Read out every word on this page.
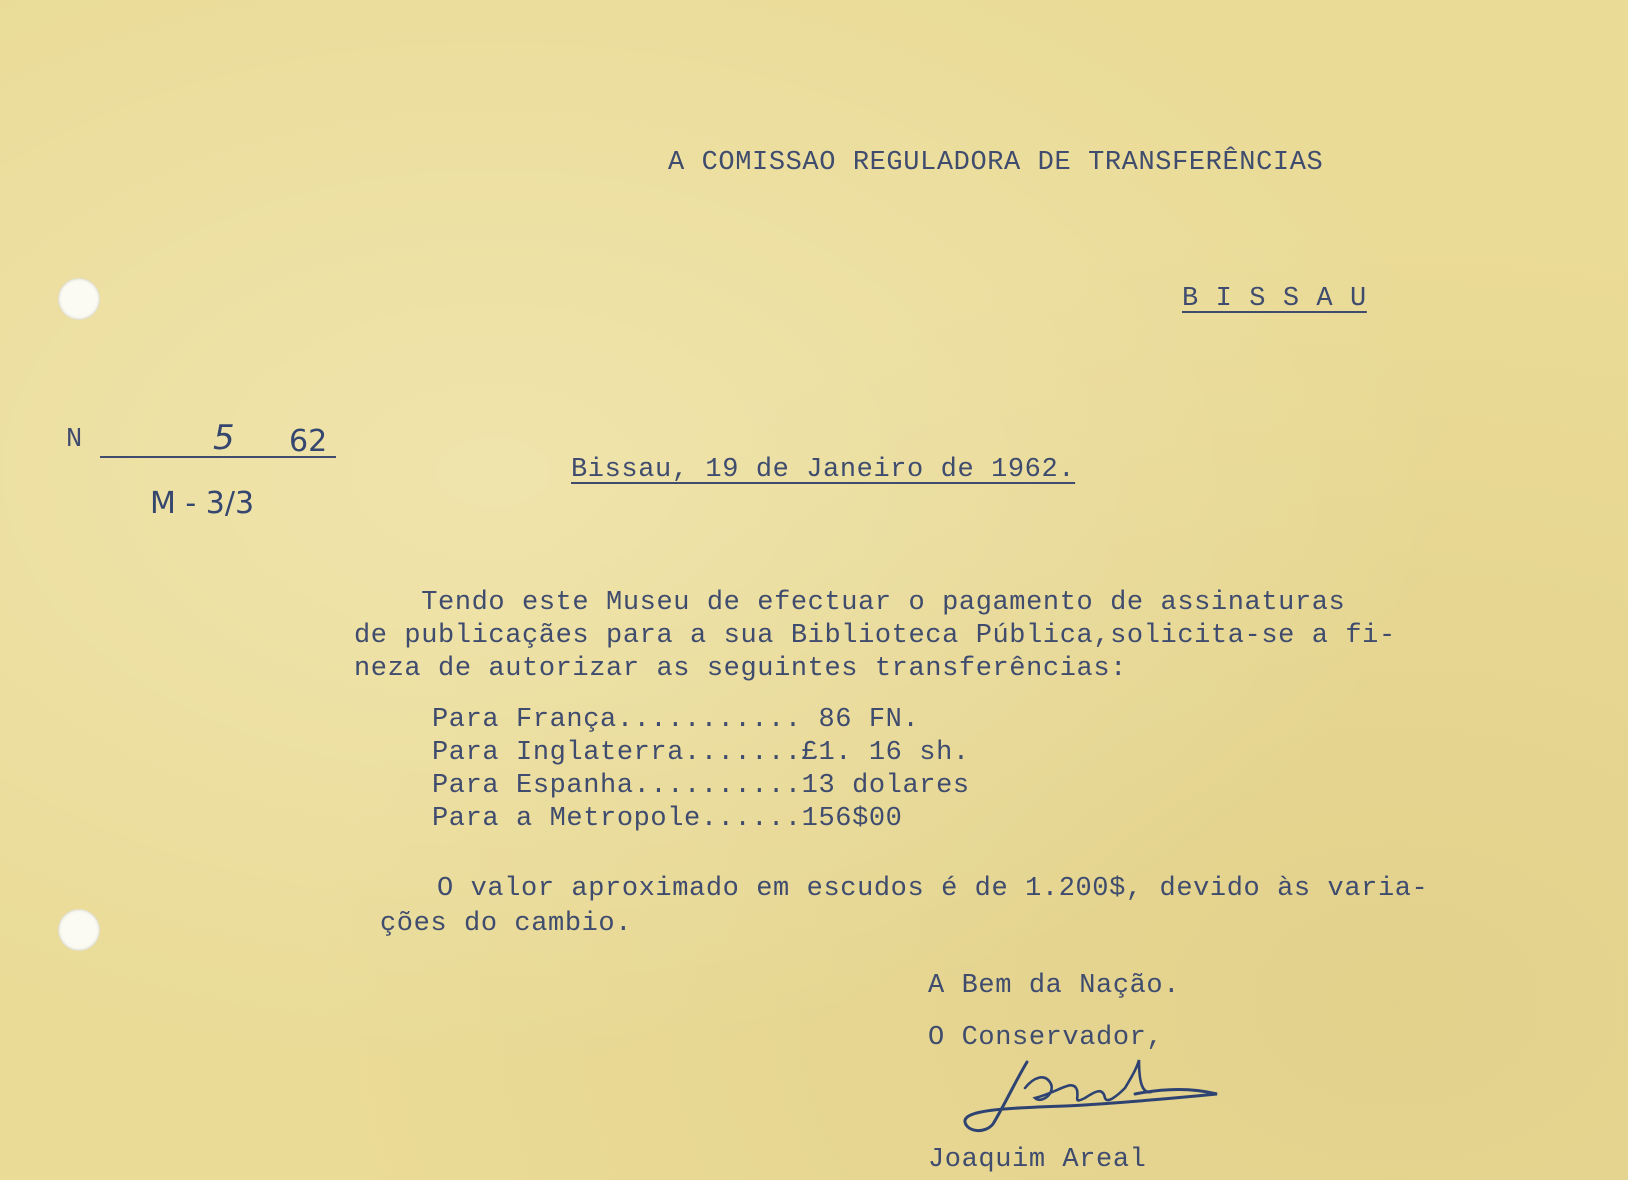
A COMISSAO REGULADORA DE TRANSFERÊNCIAS

B I S S A U

N	5 62

M - 3/3

Bissau, 19 de Janeiro de 1962.

Tendo este Museu de efectuar o pagamento de assinaturas

de publicaçães para a sua Biblioteca Pública,solicita-se a fi-

neza de autorizar as seguintes transferências:

Para França........... 86 FN.

Para Inglaterra.......£1. 16 sh.

Para Espanha..........13 dolares

Para a Metropole......156$00

O valor aproximado em escudos é de 1.200$, devido às varia-

ções do cambio.

A Bem da Nação.

O Conservador,

Joaquim Areal
